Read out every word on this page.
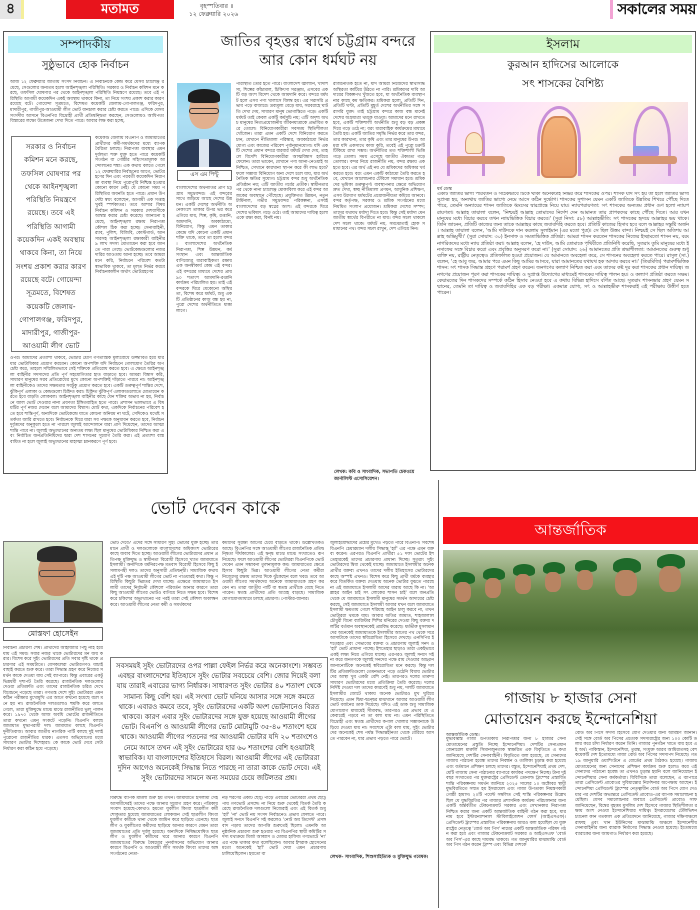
৪	মতামত	বৃহস্পতিবার ॥
১২ ফেব্রুয়ারি ২০২৬	সকালের সময়
সম্পাদকীয়
সুষ্ঠুভাবে হোক নির্বাচন
আজ ১২ ফেব্রুয়ারি জাতীয় সংসদ নির্বাচন। এ নির্বাচনকে কেন্দ্র করে যেসব চ্যালেঞ্জ রয়েছে, সেগুলোর অন্যতম হলো আইনশৃঙ্খলা পরিস্থিতি। সরকার ও নির্বাচন কমিশন মনে করছে, তফসিল ঘোষণার পর থেকে আইনশৃঙ্খলা পরিস্থিতি নিয়ন্ত্রণে রয়েছে। তবে এই পরিস্থিতি আগামী কয়েকদিন একই অবস্থায় থাকবে কিনা, তা নিয়ে সংশয় প্রকাশ করার কারণ রয়েছে বটে। গোয়েন্দা সূত্রমতে, বিশেষত কয়েকটি জেলায়-গোপালগঞ্জ, ফরিদপুর, মাদারীপুর, গাজীপুর-আওয়ামী লীগ ভোট বানচাল করার চেষ্টা করতে পারে। এদিকে যেসব সংসদীয় আসনে বিএনপির বিদ্রোহী প্রার্থী প্রতিদ্বন্দ্বিতা করছেন, সেগুলোয়ও আধিপত্য বিস্তারের লক্ষ্যে উত্তেজনা দেখা দিতে পারে। আবার লক্ষ করা হচ্ছে,
সরকার ও নির্বাচন কমিশন মনে করছে, তফসিল ঘোষণার পর থেকে আইনশৃঙ্খলা পরিস্থিতি নিয়ন্ত্রণে রয়েছে। তবে এই পরিস্থিতি আগামী কয়েকদিন একই অবস্থায় থাকবে কিনা, তা নিয়ে সংশয় প্রকাশ করার কারণ রয়েছে বটে। গোয়েন্দা সূত্রমতে, বিশেষত কয়েকটি জেলায়-গোপালগঞ্জ, ফরিদপুর, মাদারীপুর, গাজীপুর-আওয়ামী লীগ ভোট
কয়েকটি জেলায় বিএনপি ও জামায়াতের প্রার্থীদের কর্মী-সমর্থকদের মধ্যে ব্যাপক বৈরিতা চলছে। নিরাপত্তা ব্যবস্থার এমন দুর্বলতা শক্ত যুক্ত হতে পারে কয়েকটি সংগঠন বা গোষ্ঠীর সহিংসতামূলক আন্দোলনের শঙ্কা। এক কথায় বলতে গেলে ১২ ফেব্রুয়ারির নির্বাচনের আগে, ভোটগ্রহণের দিন এবং পরবর্তী কয়েকদিন নিরাপত্তা ব্যবস্থা নিয়ে পুরোপুরি নিশ্চিন্ত হওয়ার কোনো কারণ নেই। যে কোনো সময় পরিস্থিতির অবনতি হতে পারে। প্রধান উপদেষ্টা স্বয়ং বলেছেন, আগামী এক সপ্তাহ খুবই স্পর্শকাতর। তবে আশার বিষয় নির্বাচন কমিশন ও সরকার দেশবাসীকে আশ্বস্ত করার চেষ্টা করেছে। জানানো হয়েছে, আইনশৃঙ্খলা রক্ষায় নিরাপত্তা কৌশল ঠিক করা হচ্ছে। সেনাবাহিনী, র‌্যাব, পুলিশ, বিজিবি, কোস্টগার্ড, আনসারসহ আইনশৃঙ্খলা রক্ষাকারী বাহিনীর ৯ লাখ সদস্য মোতায়েন করা হবে জানতে পারা গেছে। ভোটকেন্দ্রগুলোর নজরদারির আওতায় আনা হচ্ছে। তবে আমরা মনে করি, নির্বাচনে পরিবেশ কতটা স্বাভাবিক থাকবে, তা মূলত নির্ভর করবে নির্বাচনকালীন অর্থাৎ ভোটগ্রহণের
ওপর। আমাদের প্রত্যাশা থাকবে, ভোটার শ্রেণি গণতান্ত্রিক মূল্যবোধে উজ্জীবিত হয়ে যার যার ভোটাধিকার প্রয়োগ করবেন। কোনো অপশক্তি যদি নির্বাচনে গোলযোগ তৈরির অপচেষ্টা করে, তাহলে সম্মিলিতভাবে সেই শক্তিকে প্রতিরোধ করতে হবে। এ ক্ষেত্রে আইনশৃঙ্খলা বাহিনীর সদস্যদের প্রতি পূর্ণ সহযোগিতার হাত বাড়াতে হবে। আমরা বিশ্বাস করি, সাধারণ মানুষের সরব প্রতিরোধের মুখে কোনো অপশক্তিই দাঁড়াতে পারবে না। আইনশৃঙ্খলা বাহিনীকেও তাদের সক্ষমতার সবটুকু প্রয়োগ করতে হবে। একটি গুরুত্বপূর্ণ শান্তির দেশে, ঝুঁকিপূর্ণ এলাকা ও কেন্দ্রগুলো চিহ্নিত করা। চিহ্নিত ঝুঁকিপূর্ণ এলাকাগুলোতে মোতায়েন করতে হবে বাড়তি লোকবল। আইনশৃঙ্খলা বাহিনীর কাছে যেন শক্তির অভাব না হয়, নির্বাচনে জাল ভোট দেওয়ার নানা প্রবণতা ইঙ্গিতবাহিত হতে পারে। প্রশাসন ভালভাবে এ বিষয়টির পূর্ণ নজর দেবেন বলে আমাদের বিশ্বাস। মোট কথা, একদিকে নির্বাচনের পরিবেশ হতে হবে শান্তিপূর্ণ, অন্যদিকে ভোটকেন্দ্রে যাতে কোনো অনিয়ম না ঘটে, সেদিকেও যথেষ্ট সতর্কতা জারি রাখতে হবে। নির্বাচনকে ঘিরে যারা সব পক্ষকে অনুধাবন করতে হবে, নির্বাচন দুর্বৃত্তদের অনুকূলে হতে না পারলে জুলাই আন্দোলনে যারা প্রাণ দিয়েছেন, তাদের আত্মা শান্তি পাবে না। জুলাই অভ্যুত্থানের অন্যতম লক্ষ্য ছিল মানুষের ভোটাধিকার নিশ্চিত করা এবং নির্বাচিত জনপ্রতিনিধিদের দ্বারা দেশ শাসনের সুযোগ তৈরি করা। এই প্রত্যাশা বাস্তবায়িত না হলে জুলাই অভ্যুত্থানের মাহাত্ম্য ম্লানকরণে পূর্ণ হবে।
জাতির বৃহত্তর স্বার্থে চট্টগ্রাম বন্দরে
আর কোন ধর্মঘট নয়
এস এম পিন্টু
বাংলাদেশের অর্থনীতির প্রাণ চট্টগ্রাম সমুদ্রবন্দর। এই বন্দরের সাথে জড়িয়ে আছে দেশের উন্নয়ন। একটি দেশের অর্থনীতি অনেকাংশে তাকার উপর ভর করে এগিয়ে যায়, শিল্প, কৃষি, রপ্তানি, আমদানি, অবকাঠামো, বিনিয়োগ, কিন্তু এমন তাকার কেন্দ্রে যদি কোনো একটি প্রধান শক্তি থাকে, তবে তা হলো বন্দর। বাংলাদেশের অর্থনৈতিক নিরাপত্তা, শিল্প উন্নয়ন, কর্মসংস্থান এবং আন্তর্জাতিক বাণিজ্যের ধারাবাহিকতা রক্ষায় এক অনস্বীকার্য কেন্দ্র এই বন্দর। এই বন্দরের মাধ্যমে দেশের প্রায় ৯০ শতাংশ আমদানি-রপ্তানি কার্যক্রম পরিচালিত হয়। তাই এই বন্দরকে ঘিরে যেকোনো অস্থিরতা, বিশেষ করে ধর্মঘট, শুধু একটি প্রতিষ্ঠানের কাজ বন্ধ হয় না, পুরো দেশের অর্থনীতিতে ধাক্কা লাগে।
পরিস্থিতি তৈরি হতে পারে। বাংলাদেশ জ্বালানি, খাদ্যশস্য, শিল্পের কাঁচামাল, চিকিৎসা সরঞ্জাম, এসবের একটি বড় অংশ বিদেশ থেকে আমদানি করে। বন্দরে ধর্মঘট হলে এসব পণ্য খালাসে বিলম্ব হয়। এর সরাসরি প্রভাব পড়ে বাজারে। দ্রব্যমূল্য বেড়ে যায়, সরবরাহে ঘাটতি দেখা দেয়, সাধারণ মানুষ ভোগান্তিতে পড়ে। একটি ধর্মঘট তাই কেবল একটি কর্মসূচি নয়; এটি অদৃশ্য অথচ মানুষের নিত্যপ্রয়োজনীয় জীবনযাত্রাকে প্রভাবিত করে তোলে। বিনিয়োগকারীরা সবসময় স্থিতিশীলতা খোঁজেন। তারা এমন একটি দেশে বিনিয়োগ করতে চান, যেখানে নীতিমালা পরিষ্কার, অবকাঠামো নির্ভরযোগ্য এবং কাজের পরিবেশ পূর্বানুমানযোগ্য। যদি একটি দেশের প্রধান বন্দরে বারবার ধর্মঘট দেখা দেয়, তাহলে বিদেশি বিনিয়োগকারীরা আত্মবিশ্বাস হারিয়ে ফেলেন। তারা ভাবেন, যেখানে পণ্য আনা-নেওয়াই অনিশ্চিত, সেখানে কারখানা স্থাপন করে কী লাভ হবে? ফলে সম্ভাব্য বিনিয়োগ অন্য দেশে চলে যায়, যার অর্থনৈতিক ক্ষতির সুযোগ। চট্টগ্রাম বন্দর শুধু অর্থনৈতিক প্রতিষ্ঠান নয়; এটি জাতীয় গর্বের প্রতীক। স্বাধীনতার পর থেকে নানা চ্যালেঞ্জ মোকাবিলা করে এই বন্দর আজকের অবস্থানে পৌঁছেছে। প্রযুক্তিগত উন্নয়ন, নতুন টার্মিনাল, গভীর সমুদ্রবন্দর পরিকল্পনা, এসবই বাংলাদেশের বড় স্বপ্নের অংশ। এই বন্দরকে ঘিরে দেশের ভবিষ্যৎ গড়ে ওঠে। তাই আমাদের দায়িত্ব হলো একে রক্ষা করা, বিনষ্ট নয়।
রাজনৈতিক হতে না, যদি আমরা নিজেদের স্বার্থসিদ্ধি অস্থিরতা কাটিয়ে উঠতে না পারি। শ্রমিকদের দাবি আদায়ের বিকল্পপথ খুঁজতে হবে, যা অর্থনৈতিক ব্যবস্থাপনার কাছে কম ক্ষতিকর। শ্রমিকরা হলো, প্রতিটি দিন, প্রতিটি ঘণ্টা, প্রতিটি মুহূর্ত দেশের অর্থনীতির সঙ্গে সরাসরি যুক্ত। তাই চট্টগ্রাম বন্দরে কাজ বন্ধ মানেই দেশের অগ্রযাত্রা থমকে যাওয়া। আমাদের মনে রাখতে হবে, একটি শক্তিশালী অর্থনীতি শুধু বড় বড় প্রকল্প দিয়ে গড়ে ওঠে না; বরং ধারাবাহিক কার্যক্রমের মাধ্যমে তৈরি হয়। একটি জাতির সমৃদ্ধি নির্ভর করে তার বন্দর, তার কারখানা, তার কৃষি এবং তার মানুষের উপর। আমরা যদি একসাথে কাজ করি, তবেই এই পুরো চক্রটি টিকিয়ে রাখা সম্ভব। অর্থনীতির তত শক্তিশালী ভিত্তি গড়ে তোলা। সময় এসেছে জাতীয় ঐকমত্য গড়ে তোলার। বন্দর নিয়ে রাজনীতি নয়, বন্দর রক্ষায় এক হতে হবে। এর অর্থ এই নয় যে শ্রমিকদের অধিকার খর্ব করতে হবে। বরং এমন একটি কাঠামো তৈরি করতে হবে, যেখানে আলোচনার টেবিলে সমাধান হবে। শ্রমিকদের ভূমিকা গুরুত্বপূর্ণ। ব্যবস্থাপনার ক্ষেত্রে অভিযোগ দ্রুত দেখা, স্বচ্ছ নীতিমালা প্রণয়ন, আধুনিক প্রশিক্ষণ, এসব উদ্যোগ ধর্মঘটের প্রয়োজনীয়তা কমিয়ে আনবে। বন্দর কর্তৃপক্ষ, সরকার ও শ্রমিক সংগঠনের মধ্যে নিয়মিত সংলাপ প্রয়োজন। শ্রমিকরা দেশের সম্পদ; তাদের যথাযথ মর্যাদা দিতে হবে। কিন্তু সেই মর্যাদা যেন জাতীয় স্বার্থের বিপরীতে না যায়। বন্দর সচল থাকলে দেশ সচল থাকে। ধর্মঘট নয়, সমঝোতাই হোক সমাধানের পথ। বন্দর সচল রাখুন, দেশ এগিয়ে নিন।
লেখক: কবি ও সাংবাদিক, সভাপতি চেকওয়ে জার্নালিস্ট এসোসিয়েশন।
ইসলাম
কুরআন হাদিসের আলোকে
সৎ শাসকের বৈশিষ্ট্য
ধর্ম ডেস্ক
একটি জাতির ভাগ্য পরিবর্তন ও সঠিকভাবে টিকে থাকা অনেকটাই নির্ভর করে শাসকের ওপর। শাসক যদি সৎ হয় তা হলে জাতির ভাগ্য সুপ্রসন্ন হয়, অন্যথায় জাতির ভাগ্যে নেমে আসে কঠিন দুর্ভোগ। শাসকের সুশাসন যেমন একটি জাতিকে উন্নতির শিখরে পৌঁছে দিতে পারে, তেমনি অন্যায়ের শাসন জাতিকে ধ্বংসের দ্বারপ্রান্তে নিয়ে যায়। ন্যায়পরায়ণতা: সৎ শাসকের অন্যতম প্রধান গুণ হলো ন্যায়পরায়ণতা। আল্লাহ তায়ালা বলেন, 'নিশ্চয়ই আল্লাহ তোমাদের নির্দেশ দেন আমানত তার প্রাপকদের কাছে পৌঁছে দিতে। আর যখন মানুষের মধ্যে বিচার করবে তখন ন্যায়ভিত্তিক বিচার করবে।' (সুরা নিসা: ৫৮) আল্লাহভীতি: সৎ শাসকের হৃদয়ে আল্লাহর ভয় থাকে। তিনি জানেন, প্রতিটি কাজের জন্য তাকে আল্লাহর কাছে জবাবদিহি করতে হবে। প্রতিটি কাজের হিসাব হবে বলে আল্লাহর সন্তুষ্টি অর্জন। আল্লাহ তায়ালা বলেন, 'আমি দাউদকে দান করলাম সুলাইমান (এর মতো পুত্র)। সে ছিল উত্তম বান্দা। নিশ্চয়ই সে ছিল অতিশয় আল্লাহ অভিমুখী।' (সুরা সোয়াদ: ৩০) ইনসাফ ও সমতাভিত্তিক প্রতিষ্ঠা: আমরা শাসন করতেন শাসকের নিজের ইচ্ছামতো শাসন নয়, বরং নাগরিকদের মধ্যে ন্যায় প্রতিষ্ঠা করা। আল্লাহ বলেন, 'হে দাউদ, আমি তোমাকে পৃথিবীতে প্রতিনিধি করেছি, সুতরাং তুমি মানুষের মধ্যে ইনসাফের সঙ্গে বিচার করো এবং প্রবৃত্তির অনুসরণ করো না।' (সুরা সোয়াদ: ২৬) আমানতের প্রতি শ্রদ্ধাশীলতা: আমানতের গুরুত্ব শুধু ব্যক্তি নয়, রাষ্ট্রীয় নেতৃত্বেও প্রতিফলিত হওয়া প্রয়োজন। যে আমানতে অবহেলা করে, সে শাসনের অবহেলা করতে পারে। রাসুল (সা.) বলেন, 'হে আবু জর, আমার পরে এমন কিছু আমির আসবে, যারা আমানতের যথাযথ হক আদায় করবে না।' (তিরমিজি) পরামর্শভিত্তিক শাসন: সৎ শাসক সিদ্ধান্ত গ্রহণে পরামর্শ গ্রহণ করেন। জনগণের কল্যাণ নিশ্চিত করা এবং তাদের কষ্ট দূর করা শাসকের প্রধান দায়িত্ব। জনগণের প্রয়োজন পূরণ করা শাসকের দায়িত্ব। ও সুপ্রাপ্ত উদ্যোগের মাধ্যমেই শাসকের দায়িত্ব পালন হয়। ও কল্যাণ প্রতিষ্ঠা করতে সক্ষম। কেয়ামতের দিন শাসকদের সম্পর্কে কঠিন হিসাব নেওয়া হবে এ কথায় বিভিন্ন হাদিসে বর্ণিত আছে। সুতরাং শাসনভার গ্রহণ যেমন সম্মানের, তেমনি তা দায়িত্ব ও জবাবদিহির এক বড় পরীক্ষা। একমাত্র যোগ্য, সৎ ও আল্লাহভীরু শাসকরাই এই পরীক্ষায় উত্তীর্ণ হতে পারেন।
ভোট দেবেন কাকে
মোস্তফা হোসেইন
নির্বাচনী প্রচারণা শেষ। প্রার্থীদের আহাজারি পিছু নাই হয়ে যায় এই সময়। সবার নজর থাকে ভোটারদের মন জয় করার। বিশেষ করে সুইং ভোটারদের প্রতি সবার দৃষ্টি থাকে প্রচারণার এই সময়টাতে। যেসকলেরা ভোটারগণও যাচাইবাছাই করতে শুরু করে। তারা সিদ্ধান্ত গ্রহণ করে নিজের সমর্থন কাকে দেওয়া যায় সেই ব্যাপারে। কিন্তু এবারের একটু ভিন্নধর্মী দৃশ্যপট তৈরি করেছে। রাজনৈতিক দলগুলোর দেওয়া প্রতিশ্রুতি এবং তাদের রাজনৈতিক চরিত্র দেখে বিবেচনে পড়েছে তারা। গণতন্ত্র দেশে সুইং ভোটাররা এমন কঠিন পরীক্ষার মুখোমুখি এর আগে কখনো হয়েছে বলে মনে হয় না। রাজনৈতিক দলগুলোও হুমকি করে বলতে গেলে, তারা মুক্তিযুদ্ধে মাঝে মাঝে রাজনীতির ভুল পালন করে। ১৯৭০ থেকে আজ অবধি ভোটের রাজনীতিতে তারা কখনো এমন সংকটে পড়েনি। বিএনপি বলছে জামায়াত যুদ্ধাপরাধী দল। জামায়াত বলছে বিএনপি দুর্নীতিবাজ। আবার জাতীয় নাগরিক পার্টি বলছে দুই দলই পুরোনো রাজনীতির ধারক। এতসব অভিযোগের মধ্যে সাধারণ ভোটার দিশেহারা। কে কাকে ভোট দেবে সেটা নির্ধারণ করা কঠিন হয়ে পড়েছে।
ভোট দেবে? এদের সঙ্গে সাধারণ সুইং ভোটার যুক্ত হচ্ছে। তার মানে প্রার্থী ও দলগুলোকে বাংলাদেশের অধিকাংশ ভোটারের কাছে জবাব দিতে হচ্ছে। আওয়ামী লীগের ভোটারদের প্রধান প্রতিপক্ষ মুক্তিযুদ্ধ ও স্বাধীনতা বিরোধী হিসেবে খ্যাত জামায়াতে ইসলামী। অন্যদিকে ধর্মনিরপেক্ষ মতবাদ বিরোধী হিসেবে কিছু ইসলামপন্থী দলও তাদের অনুসারী প্রতিদ্বন্দ্বী। সামাজিক কথায় এই দুটি পক্ষ আওয়ামী লীগের ভোট না পাওয়ারই কথা। কিন্তু পরিস্থিতি কিছুটা ভিন্নতর দেখা যাচ্ছে। এক্ষেত্রে জামায়াতে ইসলামী তাদের নির্বাচনী কৌশলে পরিবর্তন আনার কারণে তারা কিছু আওয়ামী লীগের ভোটও বাগিয়ে নিতে সক্ষম হবে। বিশেষ করে চকিশের অভ্যুত্থানের পর পরই তারা সেই কৌশল অবলম্বন করে। আওয়ামী লীগের নেতা কর্মী ও সমর্থকদের
কর্মীদের সুরক্ষা আগের চেয়ে বাড়তে থাকে। উল্লেখিতকও আছে। বিএনপির সঙ্গে আওয়ামী লীগের রাজনৈতিক প্রতিদ্বন্দ্বিতা দীর্ঘকালের। এই দ্বন্দ্ব মাঝে মাঝে সংঘাতেও রূপ নিয়েছে। ফলে আওয়ামী লীগের ভোটাররা বিএনপিকে ভোট দেবেন এমন সম্ভাবনা তুলনামূলক কম। জামায়াতের ক্ষেত্রে হিসাব কিছুটা ভিন্ন। আওয়ামী লীগের নেতা কর্মীরা নিজেদের রক্ষায় তাদের দিকে ঝুঁকেছেন বলে খবর। তবে আওয়ামী লীগের সমর্থকদের অনেকে জামায়াতকে গ্রহণ করবেন না। তারা জাতীয় পার্টি বা স্বতন্ত্র প্রার্থীকে বেছে নিতে পারেন। স্বতন্ত্র প্রার্থীদের প্রতি আগ্রহ বাড়ছে। সামাজিক যোগাযোগমাধ্যমে চলছে প্রচারণা। পোস্টার-ব্যানার।
জুলাইযোদ্ধাদের প্রশ্নের মুখেও পড়তে পারে বিএনপি। সর্বশেষ বিএনপি চেয়ারম্যান দলীয় সিদ্ধান্ত 'হ্যাঁ' এর পক্ষে এমন বক্তব্য করেন। এরপরও বিএনপি প্রার্থীরা ৫১ দফা ভোটের ইশতেহারকেই তাদের প্রচারণায় প্রাধান্য দিচ্ছে। সুতরাং সুইং ভোটারদের দ্বিধা থেকেই যাচ্ছে। জামায়াতে ইসলামীর অনেক প্রার্থীর বক্তব্য এখনও তাদের দলীয় ইতিহাসের ভোটারদের কাছে অস্পষ্ট এখনও। বিশেষ করে কিছু প্রার্থী ধর্মকে ব্যবহার করে বিতর্কিত বক্তব্য দেওয়ায় অনেক ভোটার বুঝতে পারছে না এই জামায়াতে ইসলামী আদের ধারায় আছে কি না। 'আল্লাহর আইন চাই সৎ লোকের শাসন চাই' বলে জনপ্রতি থেকে যে জামায়াতে ইসলামী মানুষের সমর্থন আদায়ের চেষ্টা করছে, সেই জামায়াতে ইসলামী আবার যখন বলে জামায়াতে ইসলামী ক্ষমতায় গেলে শরিয়াহ আইন চালু করবে না, তখন ভোটাররা থমকে যায়। আবার অতির জামাত, শাহজালাল চৌধুরী বিনো ব্যারিস্টার শিশির মনিরের দেওয়া কিছু বক্তব্য দলটির বর্তমান অবস্থানকেই প্রশ্নবিদ্ধ করেছে। ধর্মভীরু মুসলমানদের অনেকেই জামায়াতকে ইসলামীর আগের পথ থেকে সরে আসাটাকে তাদের স্ববিরোধিতা হিসেবে দেখছে। এনসিপির ইশতেহার এবং সেভাবের বক্তব্য ও প্রচারণায় জুলাই সনদ ও 'হ্যাঁ' ভোট প্রাধান্য পাচ্ছে। ইশতেহার ছাড়াও তারা একইভাবে একই লক্ষ্য নিয়ে এগিয়ে যাচ্ছে। এরপরও জুলাই সনদে সই না করে জনগণকে জুলাই সনদের পক্ষে রায় দেওয়ার আহ্বান জানানোটিকে অনেকেই স্ববিরোধিতা মনে করছে। কিন্তু দলটির প্রতিশ্রুতিগুলো তেমনভাবে পড়ে ওঠেনি বিধায় ভোটারদের আস্থা খুব একটা বেশি নেই। তারপরও দলের তারুণ্য সাধারণ ভোটারদের মধ্যে প্রতিক্রিয়া তৈরি করেছে। দলের নির্দিষ্ট দেওয়া দল তাদের কারণেই শুধু নয়, দলটি জামায়াতে ইসলামীর জোটে থাকায় অনেক ভোটারও মুখ ঘুরিয়ে নিয়েছে। এমন দ্বিধা-দ্বন্দ্বের মাঝখানে আবার আওয়ামী লীগ ভোট বর্জনের ডাক দিয়েছে। যদিও এই ডাক শুধু সামাজিক যোগাযোগ মাধ্যমেই সীমাবদ্ধ, তারপরও এর প্রভাব যে একেবারেই পড়বে না তা বলা যায় না। এমন পরিস্থিতিতে বিদ্রোহী এবং স্বতন্ত্র প্রার্থীদের কপাল খোলার সম্ভাবনাকে উড়িয়ে দেওয়া যায় না। সবশেষে এটা বলা যায়, সুইং ভোটারদের অনেকেই শেষ পর্যন্ত সিদ্ধান্তহীনতা থেকে বেরিয়ে আসতে পারবেন না, যার প্রভাব পড়তে পারে ভোটে।
সবসময়ই সুইং ভোটারদের ওপর পাল্লা ফেইল নির্ভর করে অনেকাংশে। সম্ভবত এবছর বাংলাদেশের ইতিহাসে সুইং ভোটার সবচেয়ে বেশি। জোর দিয়েই বলা যায় তারাই এবারের ভাগ্য নির্ধারক। সাধারণত সুইং ভোটার ৪০ শতাংশ থেকে সামান্য কিছু বেশি হয়। এই সংখ্যা ভোট ঘনিয়ে আসার সঙ্গে সঙ্গে কমতে থাকে। এবারও কমবে তবে, সুইং ভোটারদের একটি অংশ ভোটদানেও বিরত থাকবে। কারণ এবার সুইং ভোটারদের সঙ্গে যুক্ত হয়েছে আওয়ামী লীগের ভোট। বিএনপি ও আওয়ামী লীগের ভোট মোটামুটি ৩৫-৪০ শতাংশে হয়ে থাকে। আওয়ামী লীগের পতনের পর আওয়ামী ভোটার যদি ২০ শতাংশেও নেমে আসে তখন এই সুইং ভোটারের হার ৬০ শতাংশের বেশি হওয়াটাই স্বাভাবিক। যা বাংলাদেশের ইতিহাসে বিরল। আওয়ামী লীগের এই ভোটাররা দুদিন আগেও অনেকেই সিদ্ধান্ত নিতে পারছে না তারা কাকে ভোট দেবে। এই সুইং ভোটারদের সামনে অন্য সময়ের চেয়ে জটিলতর প্রশ্ন।
বিরুদ্ধে ব্যাপক মামলা শুরু হয় তখন। জামায়াতে ইসলামী সেই আসামীদেরই তাদের পক্ষে আনার সুযোগ গ্রহণ করে। পত্রিকায় সংবাদ হয়েছে-কোথাও হয়তো যুবলীগ কিংবা ছাত্রলীগ কর্মী শোকতার হয়েছে জামায়াতের লোকজন সেই ছাত্রলীগ কিংবা যুবলীগ কর্মীকে থানা থেকে জামিন করে ছাড়িয়ে এনেছে। ছাত্রলীগ ও যুবলীগের কর্মীদের ছাড়িয়ে আনার কারণে যেমন তারা জামায়াতের প্রতি দুর্বল হয়েছে। অন্যদিকে নিষিদ্ধঘোষিত ছাত্রলীগ ও যুবলীগ কর্মীদের ঘরে আনার কারণে বিএনপি জামায়াতের বিরুদ্ধে বৈষম্যের পুনর্বাসনের অভিযোগ আনার কারণে বিএনপি ও আওয়ামী লীগ সমর্থক কিংবা তাদের অঙ্গসংগঠনের নেতা-
নড় শরণের একটি ছোট্ট পাড়ে এবারের ভোটাররা প্রথম ছোট্ট পায় গণভোট প্রসঙ্গে। না নিয়ে শুরু থেকেই বিতর্ক তৈরি করেছে রাজনৈতিক দলগুলো নিজেরাই এবং এই বিতর্ক শুধু 'হ্যাঁ' 'না' ভোট নয় সংসদ নির্বাচনেও প্রভাব ফেলতে পারে। জুলাই সনদে বিএনপি সই করলেও 'নোট অব ডিসেন্ট' প্রসঙ্গ বাদ পড়ায় তাদের আপত্তি শুরুতেই ছিলো। এমনকি আনুষ্ঠানিক প্রচারণা শুরু হওয়ার পর বিএনপির স্থায়ী কমিটির সদস্য যথাক্রমে মির্জা আব্বাস ও মেজর হাফিজ গণভোটে 'না' এর পক্ষে থাকার কথা বলেছিলেন। আবার ইশরাক হোসেনের মতো অনেকেই 'হ্যাঁ' ভোট দেয়া এমন প্রচারণায় চালিয়েছিলেন। হয়তো বা
লেখক- সাংবাদিক, শিশুসাহিত্যিক ও মুক্তিযুদ্ধ গবেষক।
আন্তর্জাতিক
গাজায় ৮ হাজার সেনা
মোতায়েন করছে ইন্দোনেশিয়া
আন্তর্জাতিক ডেস্ক।
যুদ্ধবিধ্বস্ত গাজা উপত্যকায় নিরাপত্তার জন্য ৮ হাজার সেনা মোতায়েনের প্রস্তুতি নিচ্ছে ইন্দোনেশিয়া। দেশটির সেনাপ্রধান জেনারেল মারুলি সিমানজুনতাক স্বাক্ষরিত এক বিবৃতিতে এ কথা জানিয়েছে দেশটির সেনাবাহিনী। বিবৃতিতে বলা হয়েছে, যে সেনাদের গাজায় পাঠানো হবেন্ধ তাদের নিবন্ধন ও তালিকা চূড়ান্ত করা হয়েছে এবং বর্তমানে প্রশিক্ষণ চলছে তাদের। বস্তুত, ইন্দোনেশিয়াই প্রথম দেশ, যেটি গাজায় সেনা পাঠানোর ব্যাপারে কার্যকর পদক্ষেপ নিচ্ছে। টানা দুই বছর সংঘাতের পর যুক্তরাষ্ট্রের প্রেসিডেন্ট ডোনাল্ড ট্রাম্পের প্রস্তাবিত শান্তি পরিকল্পনায় সমর্থন জানিয়ে ২০২৫ সালের ১০ অক্টোবর স্থায়ী যুদ্ধবিরতিতে সম্মত হয় ইসরায়েল এবং গাজা উপত্যকা নিয়ন্ত্রণকারী গোষ্ঠী হামাস। ২০টি পয়েন্ট সম্বলিত সেই শান্তি পরিকল্পনার উল্লেখ ছিল যে যুদ্ধবিরতির পর গাজার প্রশাসনিক কার্যক্রম পরিচালনার জন্য একটি অর্ন্তর্বর্তীত টেকনোক্র্যাট সরকার এবং সেখানকার নিরাপত্তা নিশ্চিত করার জন্য একটি আন্তর্জাতিক বাহিনী গঠন করা হবে, যার নাম হবে ইন্টারন্যাশনাল স্টাবিলাইজেশন ফোর্স (আইএসএফ)। প্রেসিডেন্ট ট্রাম্পের প্রস্তাবিত পরিকল্পনায় আরও বলা হয়েছিল যে যুক্তরাষ্ট্রের নেতৃত্বে 'বোর্ড অব পিস' নামের একটি আন্তর্জাতিক পরিষদ গঠন করা হবে এবং গাজার টেকনোক্র্যাট সরকার ও আইএসএফ 'বোর্ড অব পিস'-এর কাছে দায়বদ্ধ থাকবে। গত জানুয়ারির মাঝামাঝি বোর্ড অব পিস গঠন করেন ট্রাম্প এবং বিভিন্ন দেশকে
বোর্ড অব পিসে সদস্য হিসেবে যোগ দেওয়ার জন্য আমন্ত্রণ জানান। সেই সঙ্গে বোর্ড অব পিসের প্রত্যেক সদস্যরাষ্ট্রের জন্য ১০০ কোটি ডলার করে চাঁদা নির্ধারণ করেন তিনি। গাজার পুনর্গঠন খাতে ব্যয় হবে এই অর্থ। পাকিস্তান, ইন্দোনেশিয়া, তুরস্ক, সংযুক্ত আরব আমিরাতসহ বেশ কয়েকটি দেশ ইতোমধ্যে গাজা বোর্ড অব পিসের সদস্যপদ নিয়েছে। গত ১৯ জানুয়ারি ওয়াশিংটনে এ বোর্ডের প্রথম বৈঠকও হয়েছে। গাজায় মোতায়েনের জন্য সেনাদের প্রশিক্ষণ কার্যক্রম শুরু হলেও কবে এই সেনাদের পাঠানো হবেন্ধ তা এখনও চূড়ান্ত হয়নি বলে জানিয়েছেন ইন্দোনেশিয়ার সেনা কর্মকর্তারা। বিবিসিকে তারা বলেছেন, এ ব্যাপারে তারা প্রেসিডেন্ট প্রাবোওর সুবিয়ান্তোর নির্দেশনার অপেক্ষায় আছেন। ইন্দোনেশিয়া প্রেসিডেন্ট ট্রাম্পের নেতৃত্বাধীন বোর্ড অব পিসে যোগ দেওয়ার পর দেশটির অভ্যন্তরে প্রেসিডেন্ট প্রাবোও-এর ব্যাপক সমালোচনা হয়েছিল। যেসব সমালোচনার জবাবে প্রেসিডেন্ট প্রাবোও সাফ জানিয়েছেন, বিশ্বের বৃহত্তম মুসলিম দেশ হিসেবে গাজার স্থিতিশীলতা রক্ষায় অংশ নেওয়া ইন্দোনেশিয়ার দায়িত্ব। ইসরায়েলের টেলিভিশন চ্যানেল কান গতকাল এক প্রতিবেদনে জানিয়েছে, গাজার দক্ষিণাঞ্চলে রাফাহ এবং খান ইউনিসের মাঝামাঝি অঞ্চলে ইন্দোনেশীয় সেনাবাহিনীর জন্য ব্যারাক নির্মাণের সিদ্ধান্ত নেওয়া হয়েছে। ইতোমধ্যে ব্যারাকের জন্য জায়গাও নির্ধারণ করা হয়েছে।
